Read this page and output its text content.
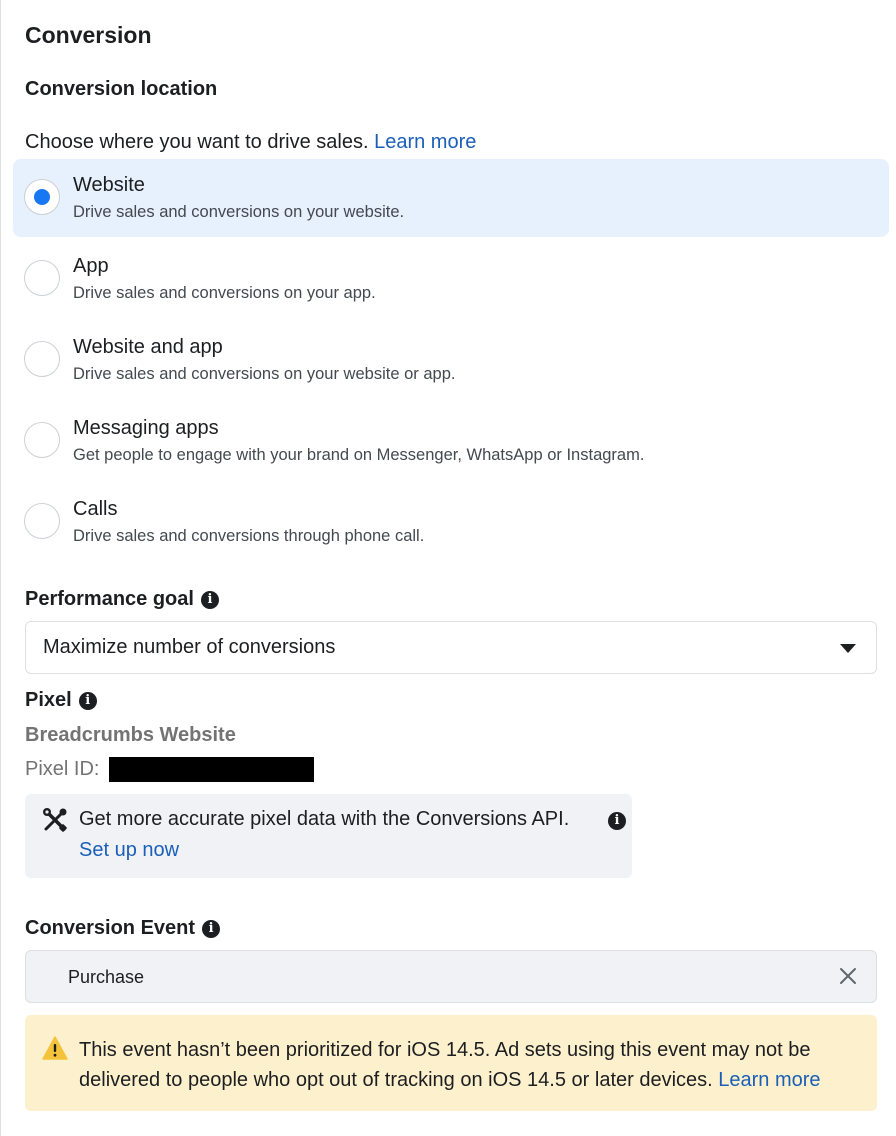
Conversion
Conversion location
Choose where you want to drive sales. Learn more
Website
Drive sales and conversions on your website.
App
Drive sales and conversions on your app.
Website and app
Drive sales and conversions on your website or app.
Messaging apps
Get people to engage with your brand on Messenger, WhatsApp or Instagram.
Calls
Drive sales and conversions through phone call.
Performance goal	i
Maximize number of conversions
Pixel	i
Breadcrumbs Website
Pixel ID:
Get more accurate pixel data with the Conversions API.	i
Set up now
Conversion Event	i
Purchase
This event hasn’t been prioritized for iOS 14.5. Ad sets using this event may not be delivered to people who opt out of tracking on iOS 14.5 or later devices. Learn more
